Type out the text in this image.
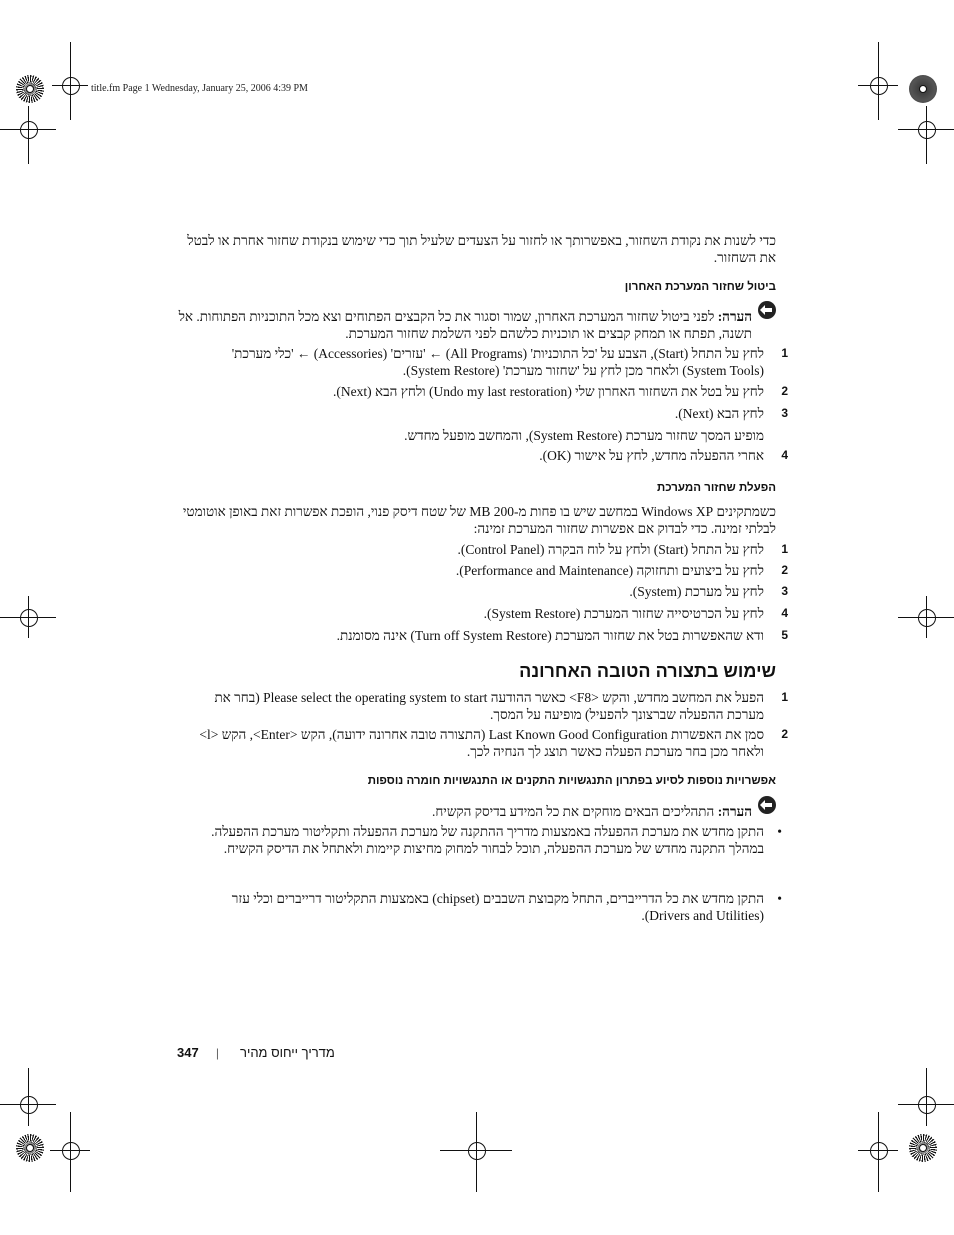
title.fm Page 1 Wednesday, January 25, 2006 4:39 PM
כדי לשנות את נקודת השחזור, באפשרותך או לחזור על הצעדים שלעיל תוך כדי שימוש בנקודת שחזור אחרת או לבטל את השחזור.
ביטול שחזור המערכת האחרון
הערה: לפני ביטול שחזור המערכת האחרון, שמור וסגור את כל הקבצים הפתוחים וצא מכל התוכניות הפתוחות. אל תשנה, תפתח או תמחק קבצים או תוכניות כלשהם לפני השלמת שחזור המערכת.
1
לחץ על התחל (Start), הצבע על 'כל התוכניות' (All Programs) ← 'עזרים' (Accessories) ← 'כלי מערכת' (System Tools) ולאחר מכן לחץ על 'שחזור מערכת' (System Restore).
2
לחץ על בטל את השחזור האחרון שלי (Undo my last restoration) ולחץ הבא (Next).
3
לחץ הבא (Next).
מופיע המסך שחזור מערכת (System Restore), והמחשב מופעל מחדש.
4
אחרי ההפעלה מחדש, לחץ על אישור (OK).
הפעלת שחזור המערכת
כשמתקינים Windows XP במחשב שיש בו פחות מ-200 MB של שטח דיסק פנוי, הופכת אפשרות זאת באופן אוטומטי לבלתי זמינה. כדי לבדוק אם אפשרות שחזור המערכת זמינה:
1
לחץ על התחל (Start) ולחץ על לוח הבקרה (Control Panel).
2
לחץ על ביצועים ותחזוקה (Performance and Maintenance).
3
לחץ על מערכת (System).
4
לחץ על הכרטיסייה שחזור המערכת (System Restore).
5
ודא שהאפשרות בטל את שחזור המערכת (Turn off System Restore) אינה מסומנת.
שימוש בתצורה הטובה האחרונה
1
הפעל את המחשב מחדש, והקש <F8> כאשר ההודעה Please select the operating system to start (בחר את מערכת ההפעלה שברצונך להפעיל) מופיעה על המסך.
2
סמן את האפשרות Last Known Good Configuration (התצורה טובה אחרונה ידועה), הקש <Enter>, הקש <l> ולאחר מכן בחר מערכת הפעלה כאשר תוצג לך הנחיה לכך.
אפשרויות נוספות לסיוע בפתרון התנגשויות התקנים או התנגשויות חומרה נוספות
הערה: התהליכים הבאים מוחקים את כל המידע בדיסק הקשיח.
•
התקן מחדש את מערכת ההפעלה באמצעות מדריך ההתקנה של מערכת ההפעלה ותקליטור מערכת ההפעלה.
במהלך התקנה מחדש של מערכת ההפעלה, תוכל לבחור למחוק מחיצות קיימות ולאתחל את הדיסק הקשיח.
•
התקן מחדש את כל הדרייברים, התחל מקבוצת השבבים (chipset) באמצעות התקליטור דרייברים וכלי עזר (Drivers and Utilities).
347 | מדריך ייחוס מהיר
